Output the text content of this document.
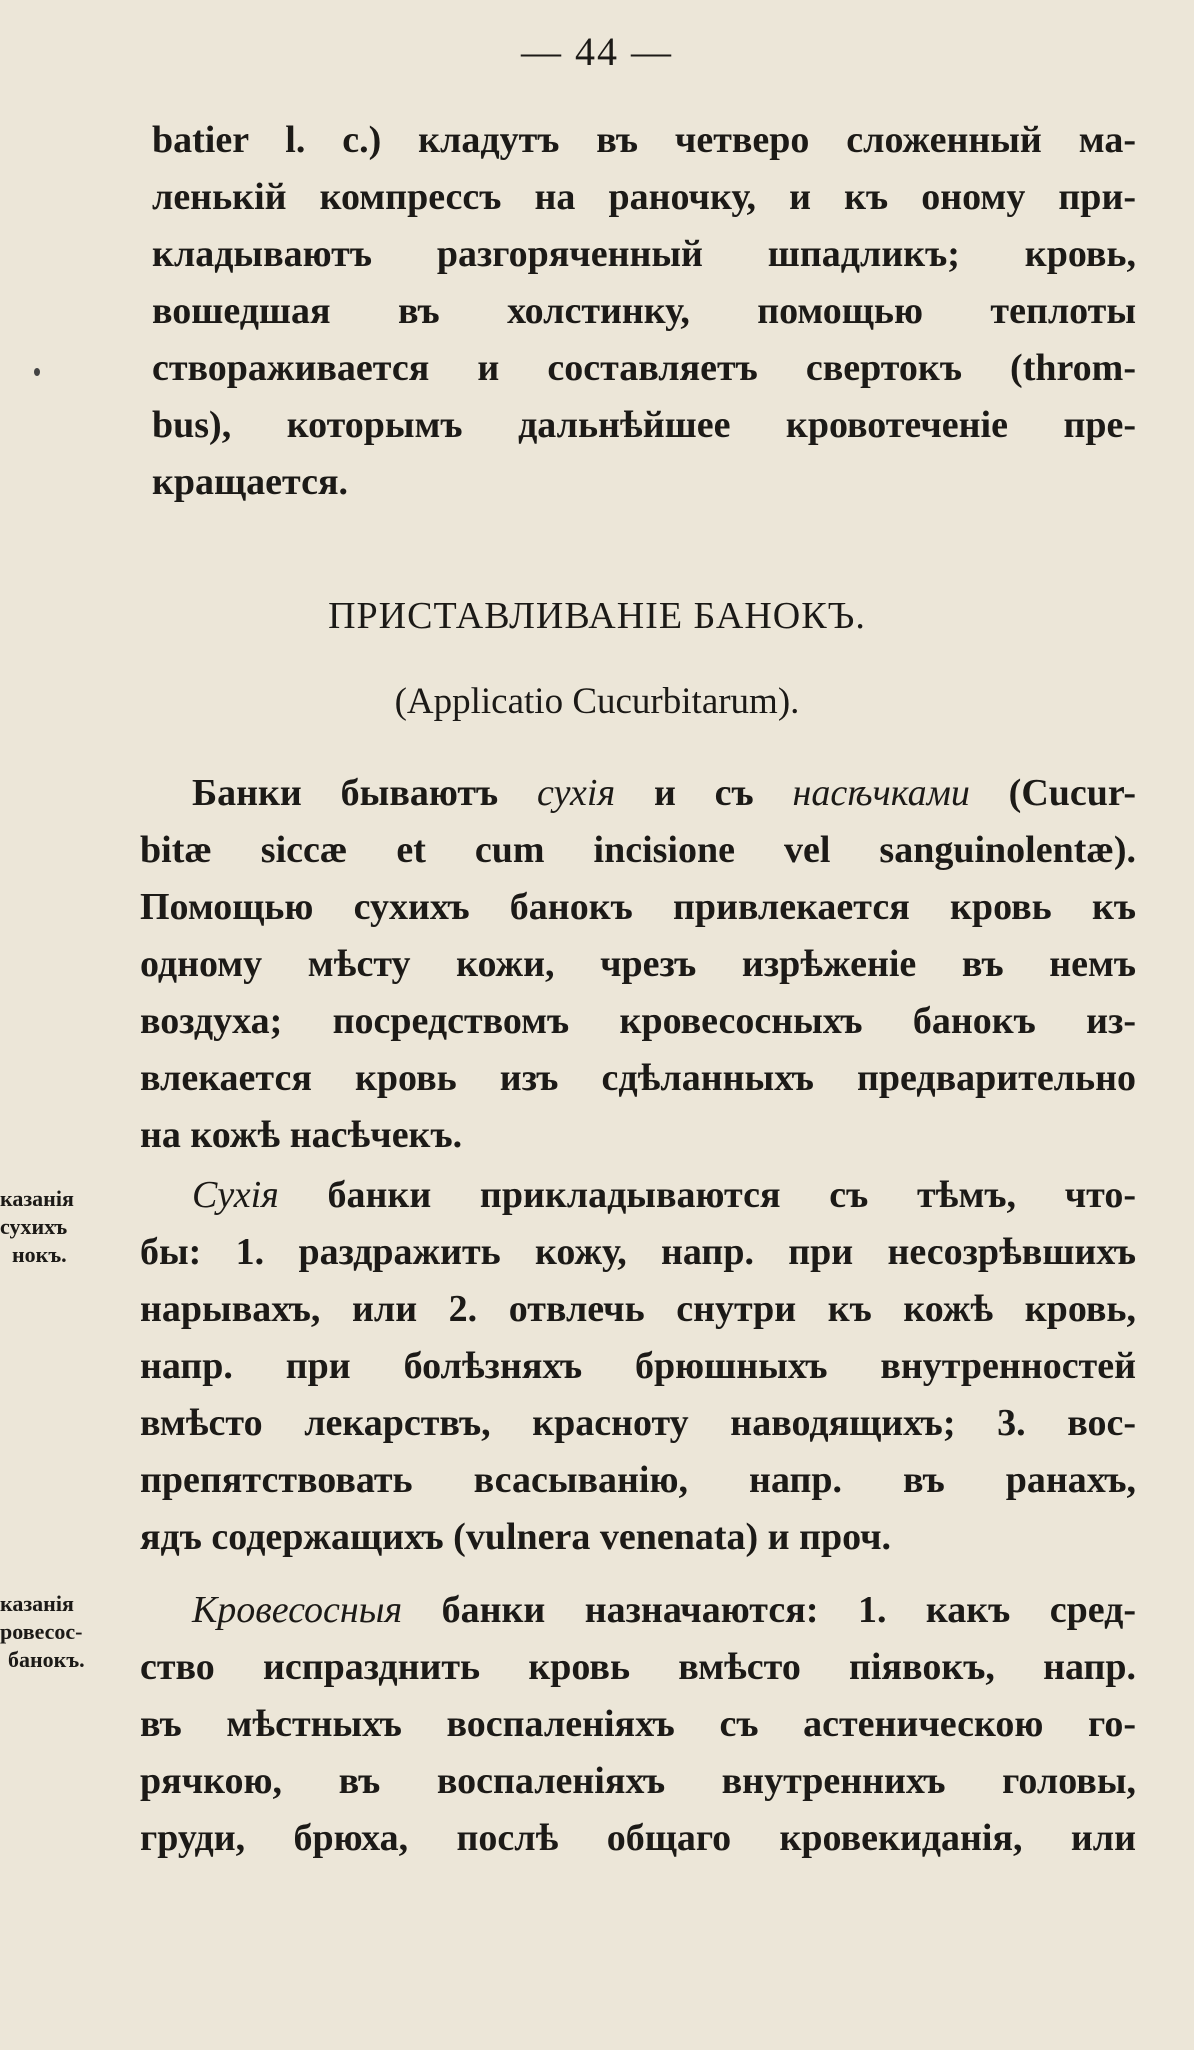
— 44 —
batier l. c.) кладутъ въ четверо сложенный ма-
ленькій компрессъ на раночку, и къ оному при-
кладываютъ разгоряченный шпадликъ; кровь,
вошедшая въ холстинку, помощью теплоты
створаживается и составляетъ свертокъ (throm-
bus), которымъ дальнѣйшее кровотеченіе пре-
кращается.
ПРИСТАВЛИВАНІЕ БАНОКЪ.
(Applicatio Cucurbitarum).
Банки бываютъ сухія и съ насѣчками (Cucur-
bitæ siccæ et cum incisione vel sanguinolentæ).
Помощью сухихъ банокъ привлекается кровь къ
одному мѣсту кожи, чрезъ изрѣженіе въ немъ
воздуха; посредствомъ кровесосныхъ банокъ из-
влекается кровь изъ сдѣланныхъ предварительно
на кожѣ насѣчекъ.
казанія
сухихъ
нокъ.
Сухія банки прикладываются съ тѣмъ, что-
бы: 1. раздражить кожу, напр. при несозрѣвшихъ
нарывахъ, или 2. отвлечь снутри къ кожѣ кровь,
напр. при болѣзняхъ брюшныхъ внутренностей
вмѣсто лекарствъ, красноту наводящихъ; 3. вос-
препятствовать всасыванію, напр. въ ранахъ,
ядъ содержащихъ (vulnera venenata) и проч.
казанія
ровесос-
банокъ.
Кровесосныя банки назначаются: 1. какъ сред-
ство испразднить кровь вмѣсто піявокъ, напр.
въ мѣстныхъ воспаленіяхъ съ астеническою го-
рячкою, въ воспаленіяхъ внутреннихъ головы,
груди, брюха, послѣ общаго кровекиданія, или
